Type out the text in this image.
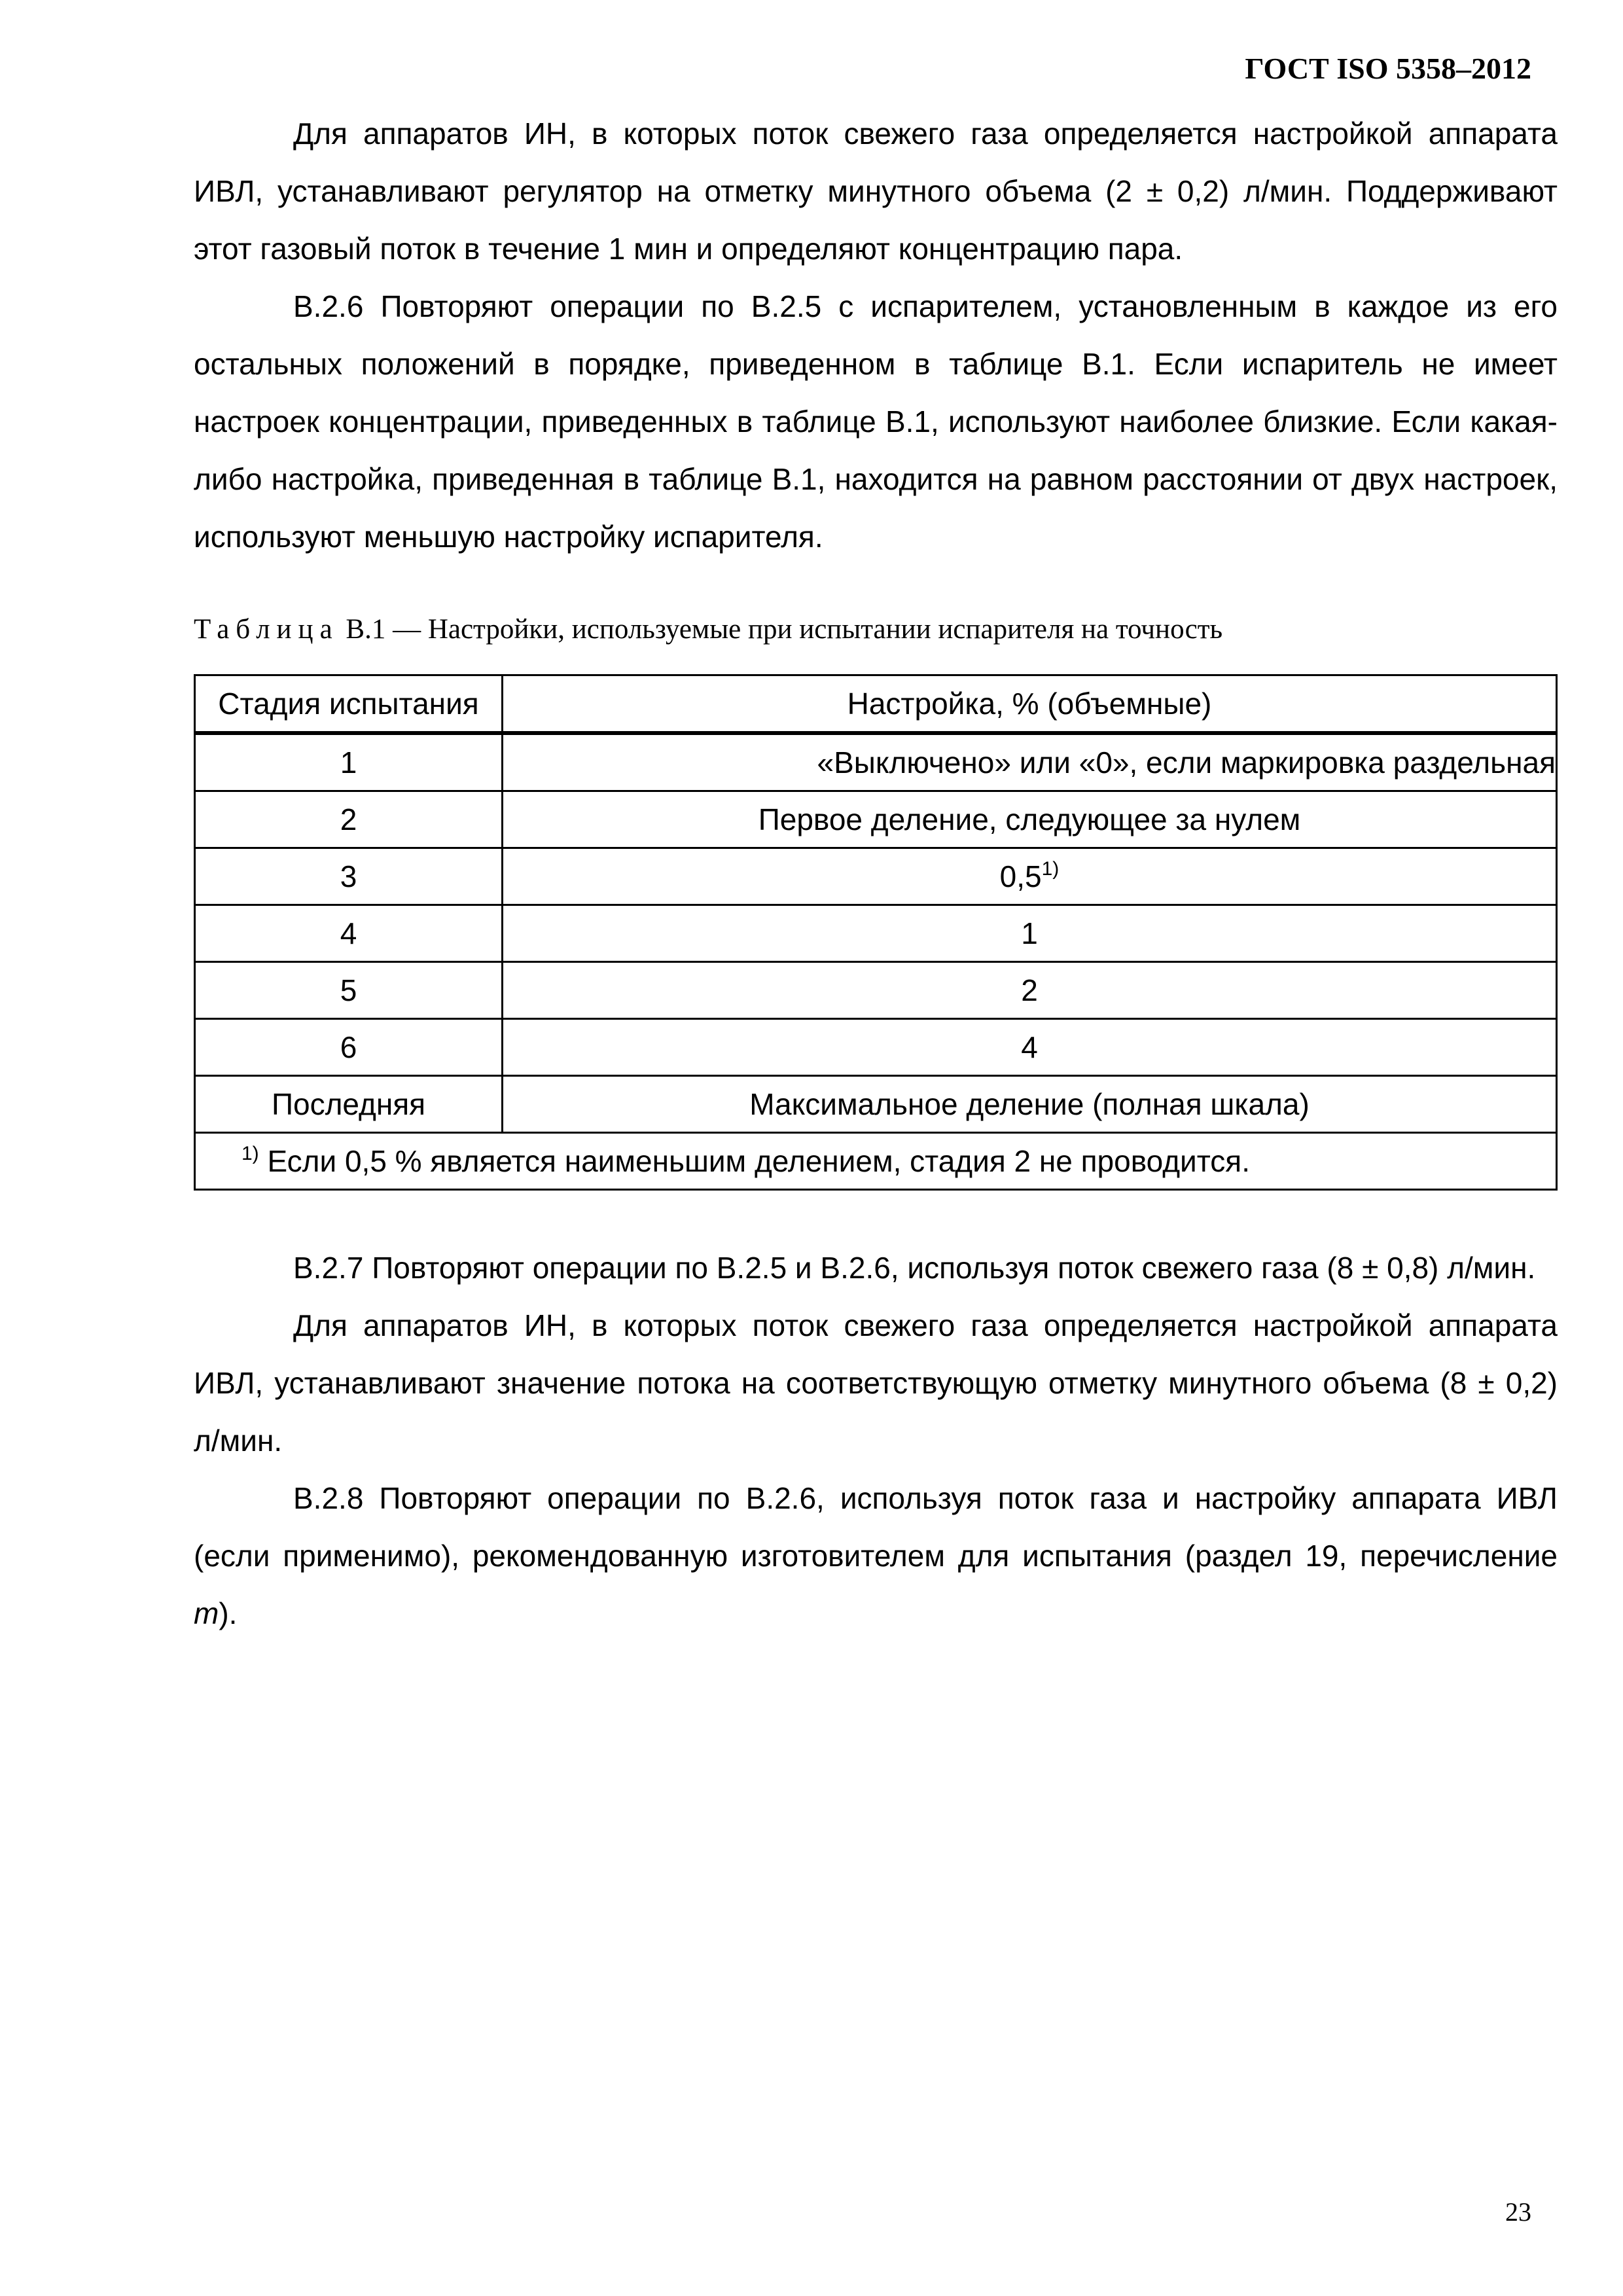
ГОСТ ISO 5358–2012

Для аппаратов ИН, в которых поток свежего газа определяется настройкой аппарата ИВЛ, устанавливают регулятор на отметку минутного объема (2 ± 0,2) л/мин. Поддерживают этот газовый поток в течение 1 мин и определяют концентрацию пара.

В.2.6 Повторяют операции по В.2.5 с испарителем, установленным в каждое из его остальных положений в порядке, приведенном в таблице В.1. Если испаритель не имеет настроек концентрации, приведенных в таблице В.1, используют наиболее близкие. Если какая-либо настройка, приведенная в таблице В.1, находится на равном расстоянии от двух настроек, используют меньшую настройку испарителя.

Таблица В.1 — Настройки, используемые при испытании испарителя на точность
Стадия испытания	Настройка, % (объемные)
1	«Выключено» или «0», если маркировка раздельная
2	Первое деление, следующее за нулем
3	0,5$^{1)}$
4	1
5	2
6	4
Последняя	Максимальное деление (полная шкала)
$^{1)}$ Если 0,5 % является наименьшим делением, стадия 2 не проводится.	

В.2.7 Повторяют операции по В.2.5 и В.2.6, используя поток свежего газа (8 ± 0,8) л/мин.

Для аппаратов ИН, в которых поток свежего газа определяется настройкой аппарата ИВЛ, устанавливают значение потока на соответствующую отметку минутного объема (8 ± 0,2) л/мин.

В.2.8 Повторяют операции по В.2.6, используя поток газа и настройку аппарата ИВЛ (если применимо), рекомендованную изготовителем для испытания (раздел 19, перечисление m).

23
